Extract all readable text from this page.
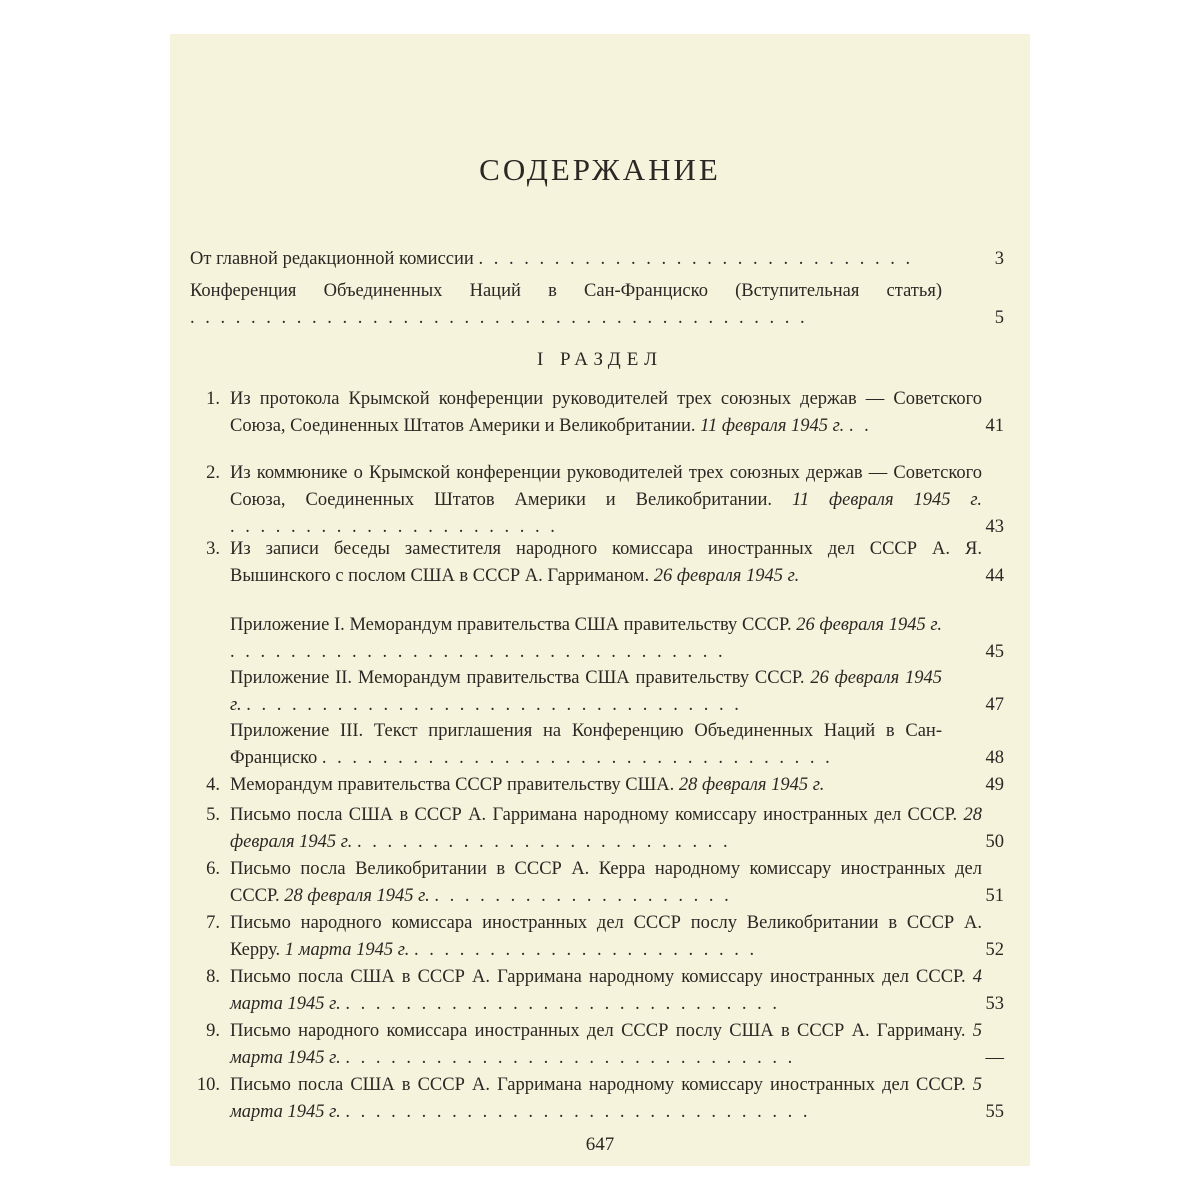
СОДЕРЖАНИЕ
От главной редакционной комиссии . . . . . . . . . . . . . . . . . . . . . . . . . . . . .	3
Конференция Объединенных Наций в Сан-Франциско (Вступительная статья) . . . . . . . . . . . . . . . . . . . . . . . . . . . . . . . . . . . . . . . . .	5
I РАЗДЕЛ
1. Из протокола Крымской конференции руководителей трех союзных держав — Советского Союза, Соединенных Штатов Америки и Великобритании. 11 февраля 1945 г. . .	41
2. Из коммюнике о Крымской конференции руководителей трех союзных держав — Советского Союза, Соединенных Штатов Америки и Великобритании. 11 февраля 1945 г. . . . . . . . . . . . . . . . . . . . . . .	43
3. Из записи беседы заместителя народного комиссара иностранных дел СССР А. Я. Вышинского с послом США в СССР А. Гарриманом. 26 февраля 1945 г.	44
Приложение I. Меморандум правительства США правительству СССР. 26 февраля 1945 г. . . . . . . . . . . . . . . . . . . . . . . . . . . . . . . . . .	45
Приложение II. Меморандум правительства США правительству СССР. 26 февраля 1945 г. . . . . . . . . . . . . . . . . . . . . . . . . . . . . . . . . .	47
Приложение III. Текст приглашения на Конференцию Объединенных Наций в Сан-Франциско . . . . . . . . . . . . . . . . . . . . . . . . . . . . . . . . . .	48
4. Меморандум правительства СССР правительству США. 28 февраля 1945 г.	49
5. Письмо посла США в СССР А. Гарримана народному комиссару иностранных дел СССР. 28 февраля 1945 г. . . . . . . . . . . . . . . . . . . . . . . . . .	50
6. Письмо посла Великобритании в СССР А. Керра народному комиссару иностранных дел СССР. 28 февраля 1945 г. . . . . . . . . . . . . . . . . . . . .	51
7. Письмо народного комиссара иностранных дел СССР послу Великобритании в СССР А. Керру. 1 марта 1945 г. . . . . . . . . . . . . . . . . . . . . . . .	52
8. Письмо посла США в СССР А. Гарримана народному комиссару иностранных дел СССР. 4 марта 1945 г. . . . . . . . . . . . . . . . . . . . . . . . . . . . . .	53
9. Письмо народного комиссара иностранных дел СССР послу США в СССР А. Гарриману. 5 марта 1945 г. . . . . . . . . . . . . . . . . . . . . . . . . . . . . . .	—
10. Письмо посла США в СССР А. Гарримана народному комиссару иностранных дел СССР. 5 марта 1945 г. . . . . . . . . . . . . . . . . . . . . . . . . . . . . . . .	55
647
